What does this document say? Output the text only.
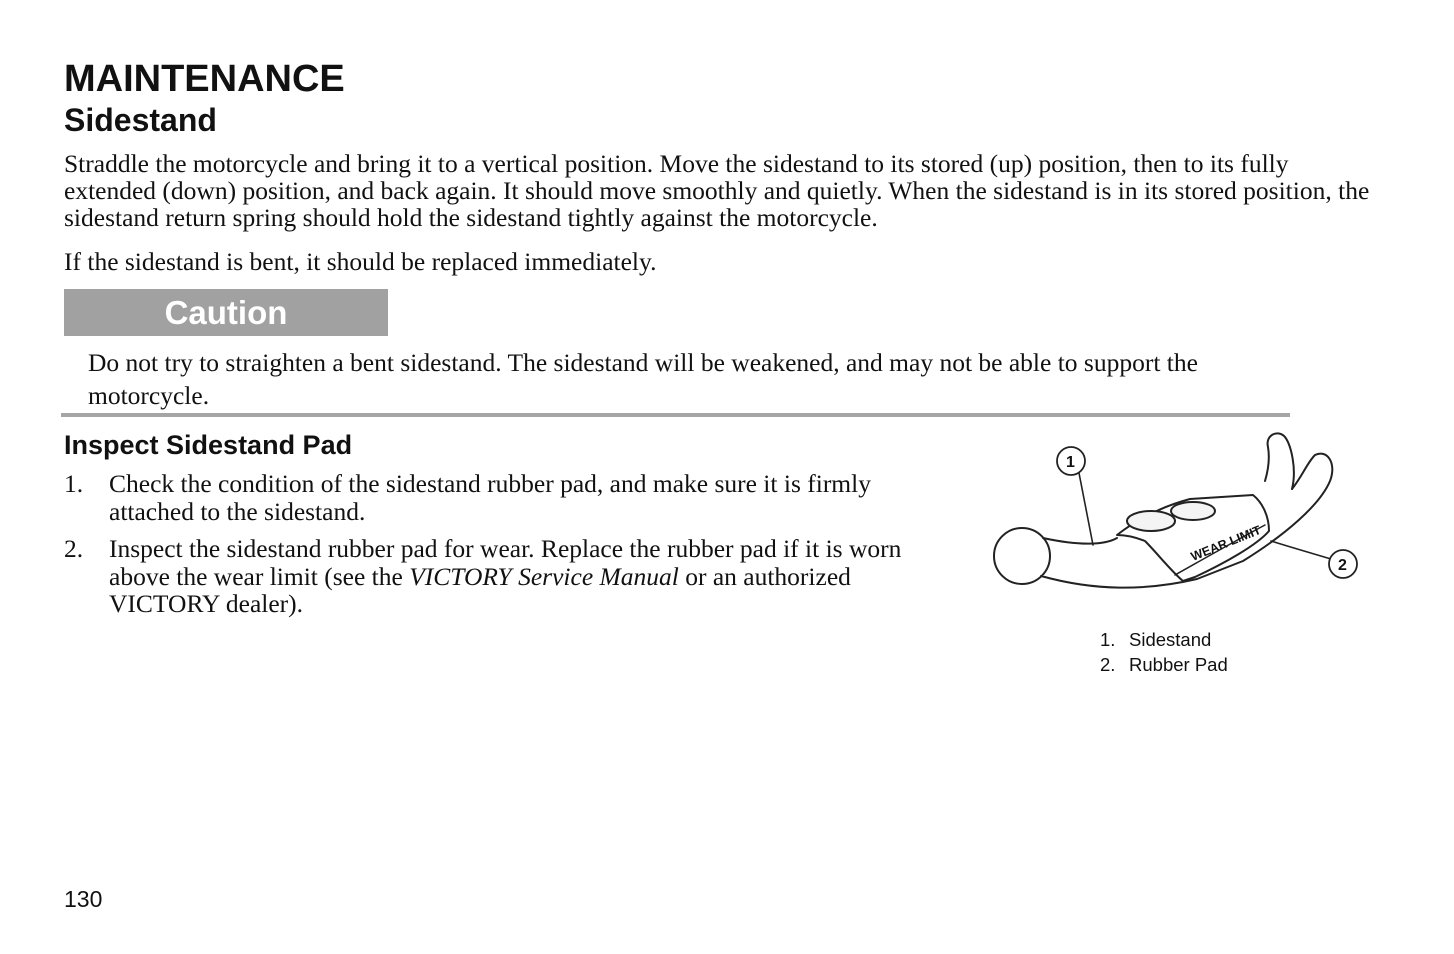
MAINTENANCE
Sidestand

Straddle the motorcycle and bring it to a vertical position. Move the sidestand to its stored (up) position, then to its fully extended (down) position, and back again. It should move smoothly and quietly. When the sidestand is in its stored position, the sidestand return spring should hold the sidestand tightly against the motorcycle.

If the sidestand is bent, it should be replaced immediately.

Caution

Do not try to straighten a bent sidestand. The sidestand will be weakened, and may not be able to support the motorcycle.

Inspect Sidestand Pad
1. Check the condition of the sidestand rubber pad, and make sure it is firmly attached to the sidestand.
2. Inspect the sidestand rubber pad for wear. Replace the rubber pad if it is worn above the wear limit (see the VICTORY Service Manual or an authorized VICTORY dealer).
1
2
WEAR LIMIT
1. Sidestand
2. Rubber Pad
130
